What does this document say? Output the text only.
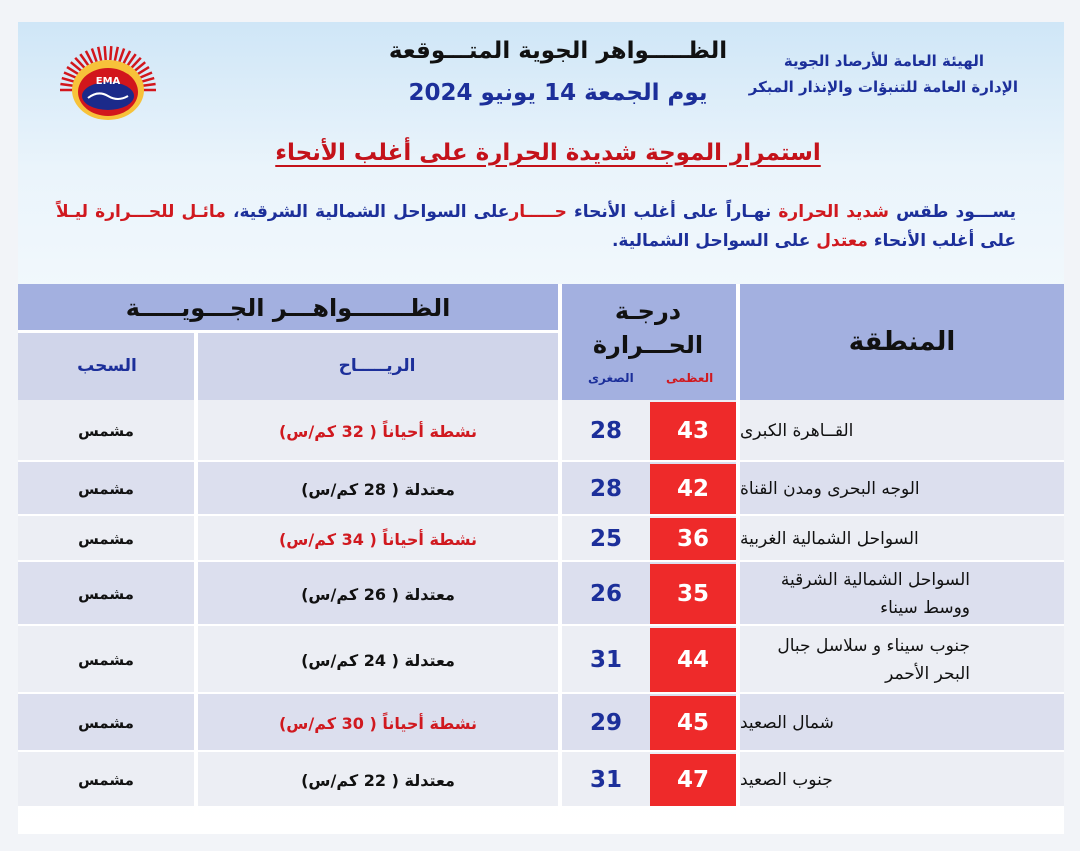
EMA
الهيئة العامة للأرصاد الجوية
الإدارة العامة للتنبؤات والإنذار المبكر
الظـــــواهر الجوية المتـــوقعة
يوم الجمعة 14 يونيو 2024
استمرار الموجة شديدة الحرارة على أغلب الأنحاء
يســـود طقس شديد الحرارة نهـاراً على أغلب الأنحاء حـــــارعلى السواحل الشمالية الشرقية، مائـل للحـــرارة ليـلاً على أغلب الأنحاء معتدل على السواحل الشمالية.
المنطقة
درجـة الحـــرارة
العظمى
الصغرى
الظـــــــواهـــر الجـــويـــــة
الريـــــاح
السحب
القــاهرة الكبرى
43
28
نشطة أحياناً ( 32 كم/س)
مشمس
الوجه البحرى ومدن القناة
42
28
معتدلة ( 28 كم/س)
مشمس
السواحل الشمالية الغربية
36
25
نشطة أحياناً ( 34 كم/س)
مشمس
السواحل الشمالية الشرقية ووسط سيناء
35
26
معتدلة ( 26 كم/س)
مشمس
جنوب سيناء و سلاسل جبال البحر الأحمر
44
31
معتدلة ( 24 كم/س)
مشمس
شمال الصعيد
45
29
نشطة أحياناً ( 30 كم/س)
مشمس
جنوب الصعيد
47
31
معتدلة ( 22 كم/س)
مشمس
